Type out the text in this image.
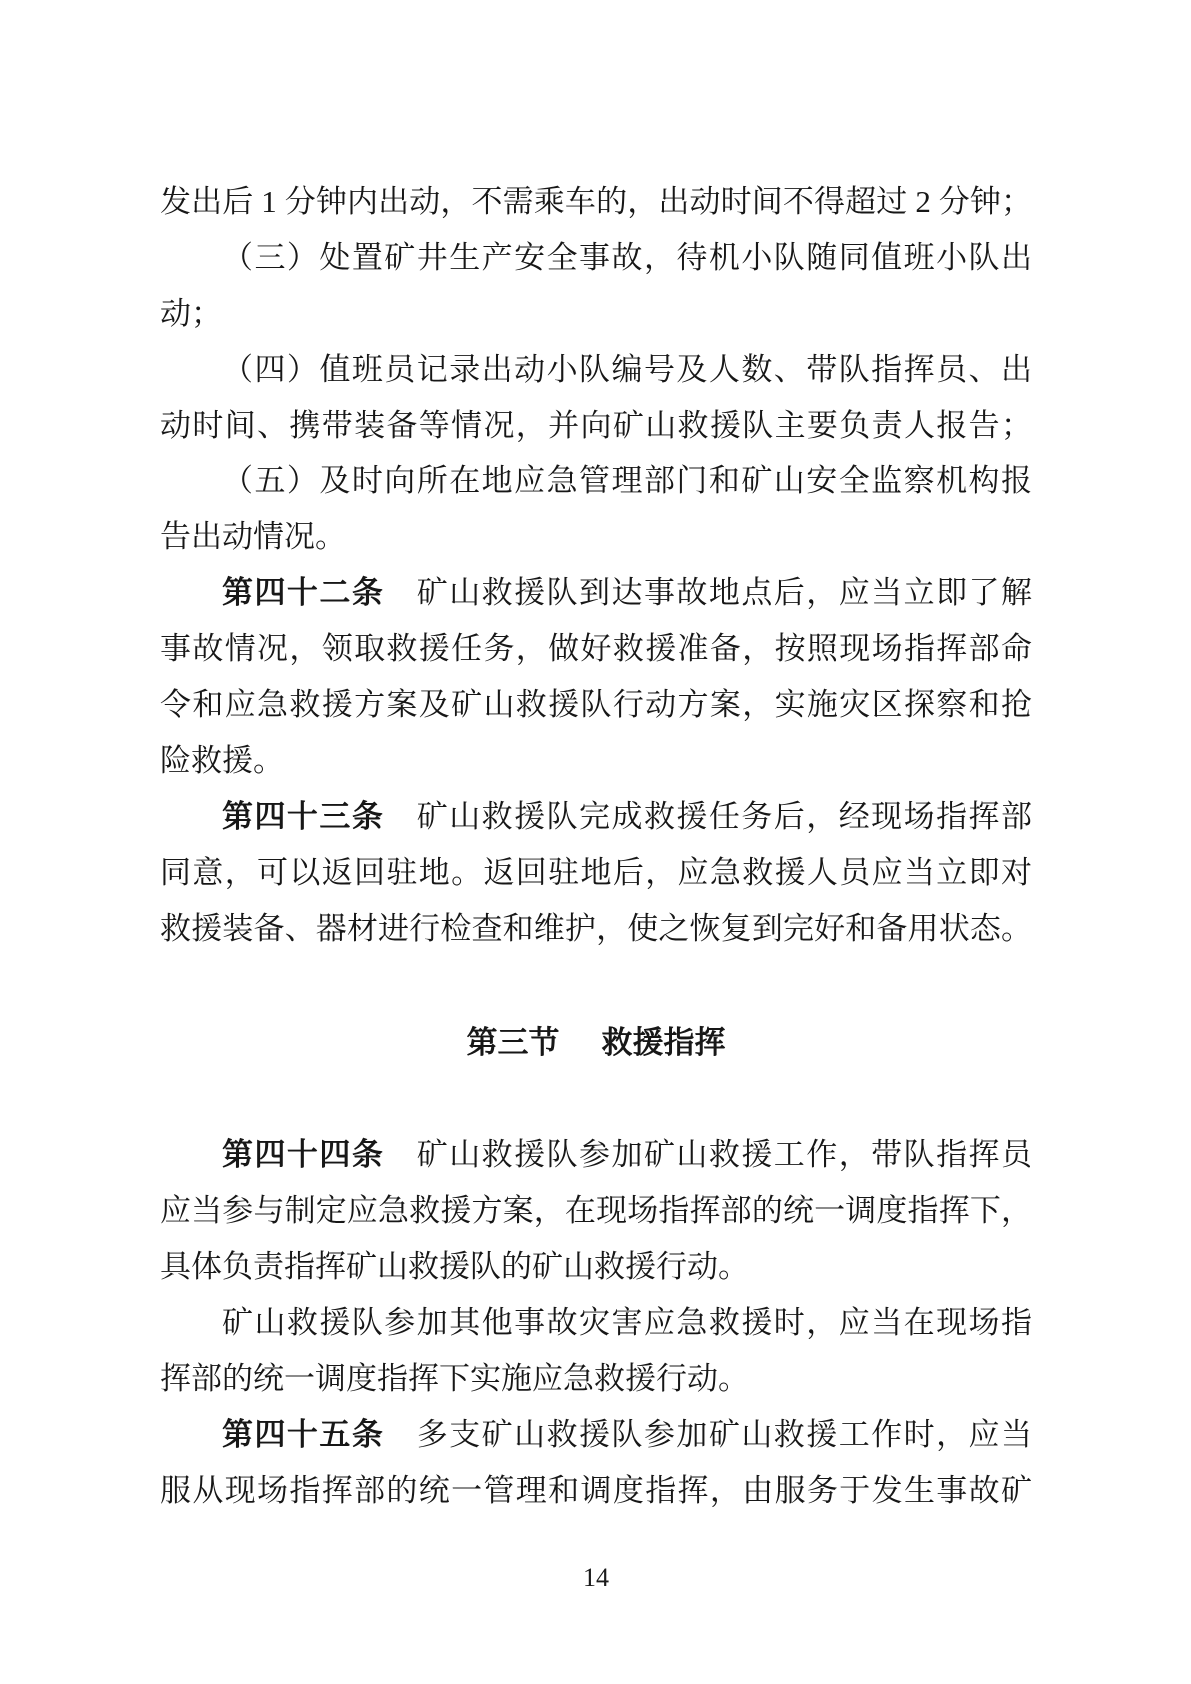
发出后 1 分钟内出动，不需乘车的，出动时间不得超过 2 分钟；
（三）处置矿井生产安全事故，待机小队随同值班小队出
动；
（四）值班员记录出动小队编号及人数、带队指挥员、出
动时间、携带装备等情况，并向矿山救援队主要负责人报告；
（五）及时向所在地应急管理部门和矿山安全监察机构报
告出动情况。
第四十二条　矿山救援队到达事故地点后，应当立即了解
事故情况，领取救援任务，做好救援准备，按照现场指挥部命
令和应急救援方案及矿山救援队行动方案，实施灾区探察和抢
险救援。
第四十三条　矿山救援队完成救援任务后，经现场指挥部
同意，可以返回驻地。返回驻地后，应急救援人员应当立即对
救援装备、器材进行检查和维护，使之恢复到完好和备用状态。
第三节 救援指挥
第四十四条　矿山救援队参加矿山救援工作，带队指挥员
应当参与制定应急救援方案，在现场指挥部的统一调度指挥下，
具体负责指挥矿山救援队的矿山救援行动。
矿山救援队参加其他事故灾害应急救援时，应当在现场指
挥部的统一调度指挥下实施应急救援行动。
第四十五条　多支矿山救援队参加矿山救援工作时，应当
服从现场指挥部的统一管理和调度指挥，由服务于发生事故矿
14
